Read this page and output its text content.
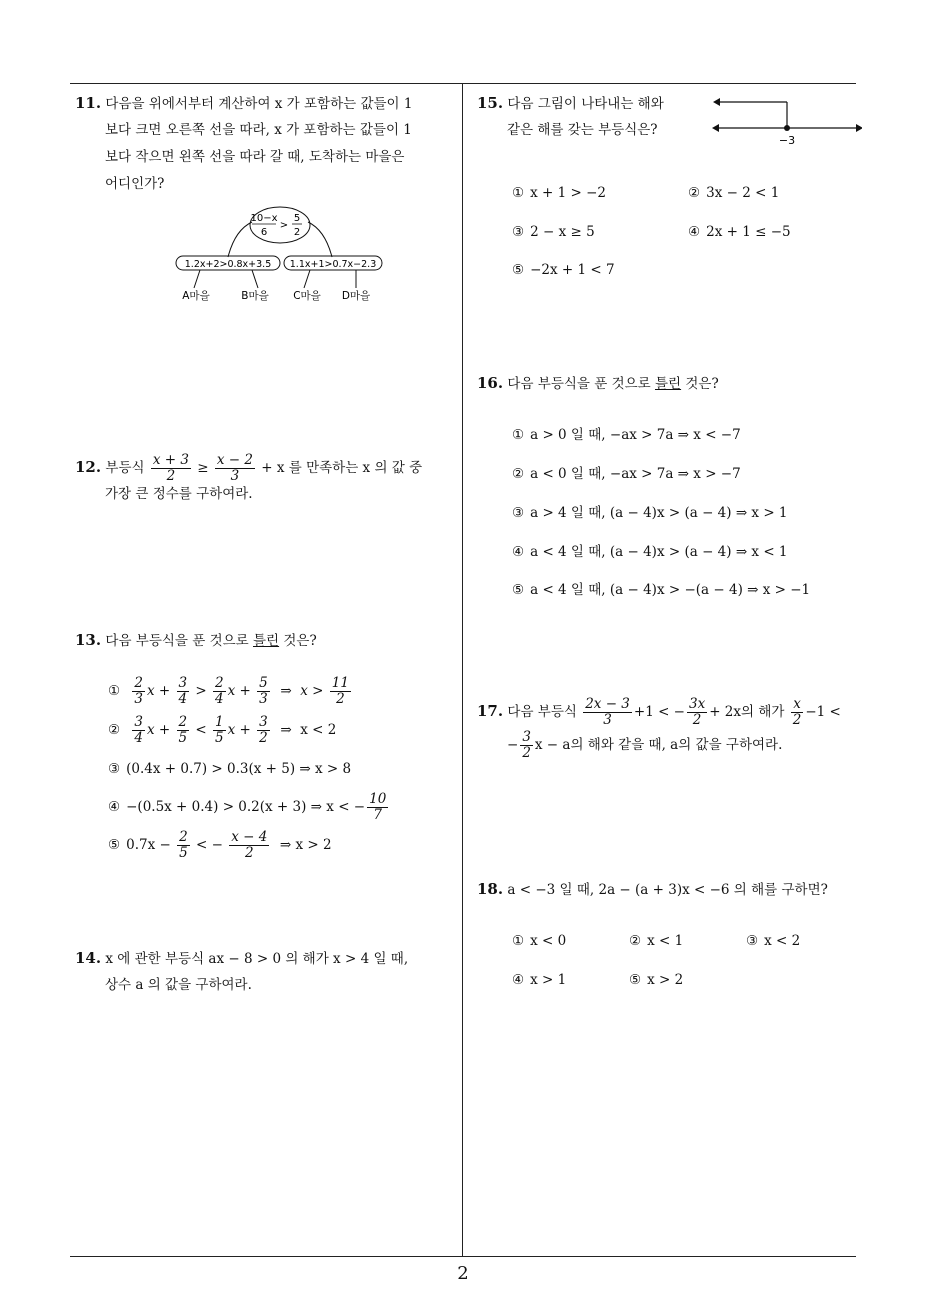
2
11. 다음을 위에서부터 계산하여 x 가 포함하는 값들이 1
보다 크면 오른쪽 선을 따라, x 가 포함하는 값들이 1
보다 작으면 왼쪽 선을 따라 갈 때, 도착하는 마을은
어디인가?
10−x
6
>
5
2
1.2x+2>0.8x+3.5 1.1x+1>0.7x−2.3
A마을	B마을 C마을 D마을
12. 부등식 $\frac{x + 3}{2} \ge \frac{x - 2}{3} + x$ 를 만족하는 x 의 값 중
가장 큰 정수를 구하여라.
13. 다음 부등식을 푼 것으로 틀린 것은?
① $\frac{2}{3}$ $x + \frac{3}{4} > \frac{2}{4}$ $x + \frac{5}{3}$ ⇒  $x > \frac{11}{2}$
② $\frac{3}{4}$ $x + \frac{2}{5} < \frac{1}{5}$ $x + \frac{3}{2}$ ⇒  x < 2
③ (0.4x + 0.7) > 0.3(x + 5) ⇒ x > 8
④ −(0.5x + 0.4) > 0.2(x + 3) ⇒ x < − $\frac{10}{7}$
⑤ $0.7x - \frac{2}{5}$ < − $\frac{x - 4}{2}$ ⇒ x > 2
14. x 에 관한 부등식 ax − 8 > 0 의 해가 x > 4 일 때,
상수 a 의 값을 구하여라.
15. 다음 그림이 나타내는 해와
같은 해를 갖는 부등식은?
−3
① x + 1 > −2	② 3x − 2 < 1
③ 2 − x ≥ 5	④ 2x + 1 ≤ −5
⑤ −2x + 1 < 7
16. 다음 부등식을 푼 것으로 틀린 것은?
① a > 0 일 때, −ax > 7a ⇒ x < −7
② a < 0 일 때, −ax > 7a ⇒ x > −7
③ a > 4 일 때, (a − 4)x > (a − 4) ⇒ x > 1
④ a < 4 일 때, (a − 4)x > (a − 4) ⇒ x < 1
⑤ a < 4 일 때, (a − 4)x > −(a − 4) ⇒ x > −1
17. 다음 부등식 $\frac{2x - 3}{3} +1$ < − $\frac{3x}{2} + 2x$의 해가 $\frac{x}{2} -1$ <
− $\frac{3}{2}$ x − a의 해와 같을 때, a의 값을 구하여라.
18. a < −3 일 때, 2a − (a + 3)x < −6 의 해를 구하면?
① x < 0	② x < 1	③ x < 2
④ x > 1	⑤ x > 2
